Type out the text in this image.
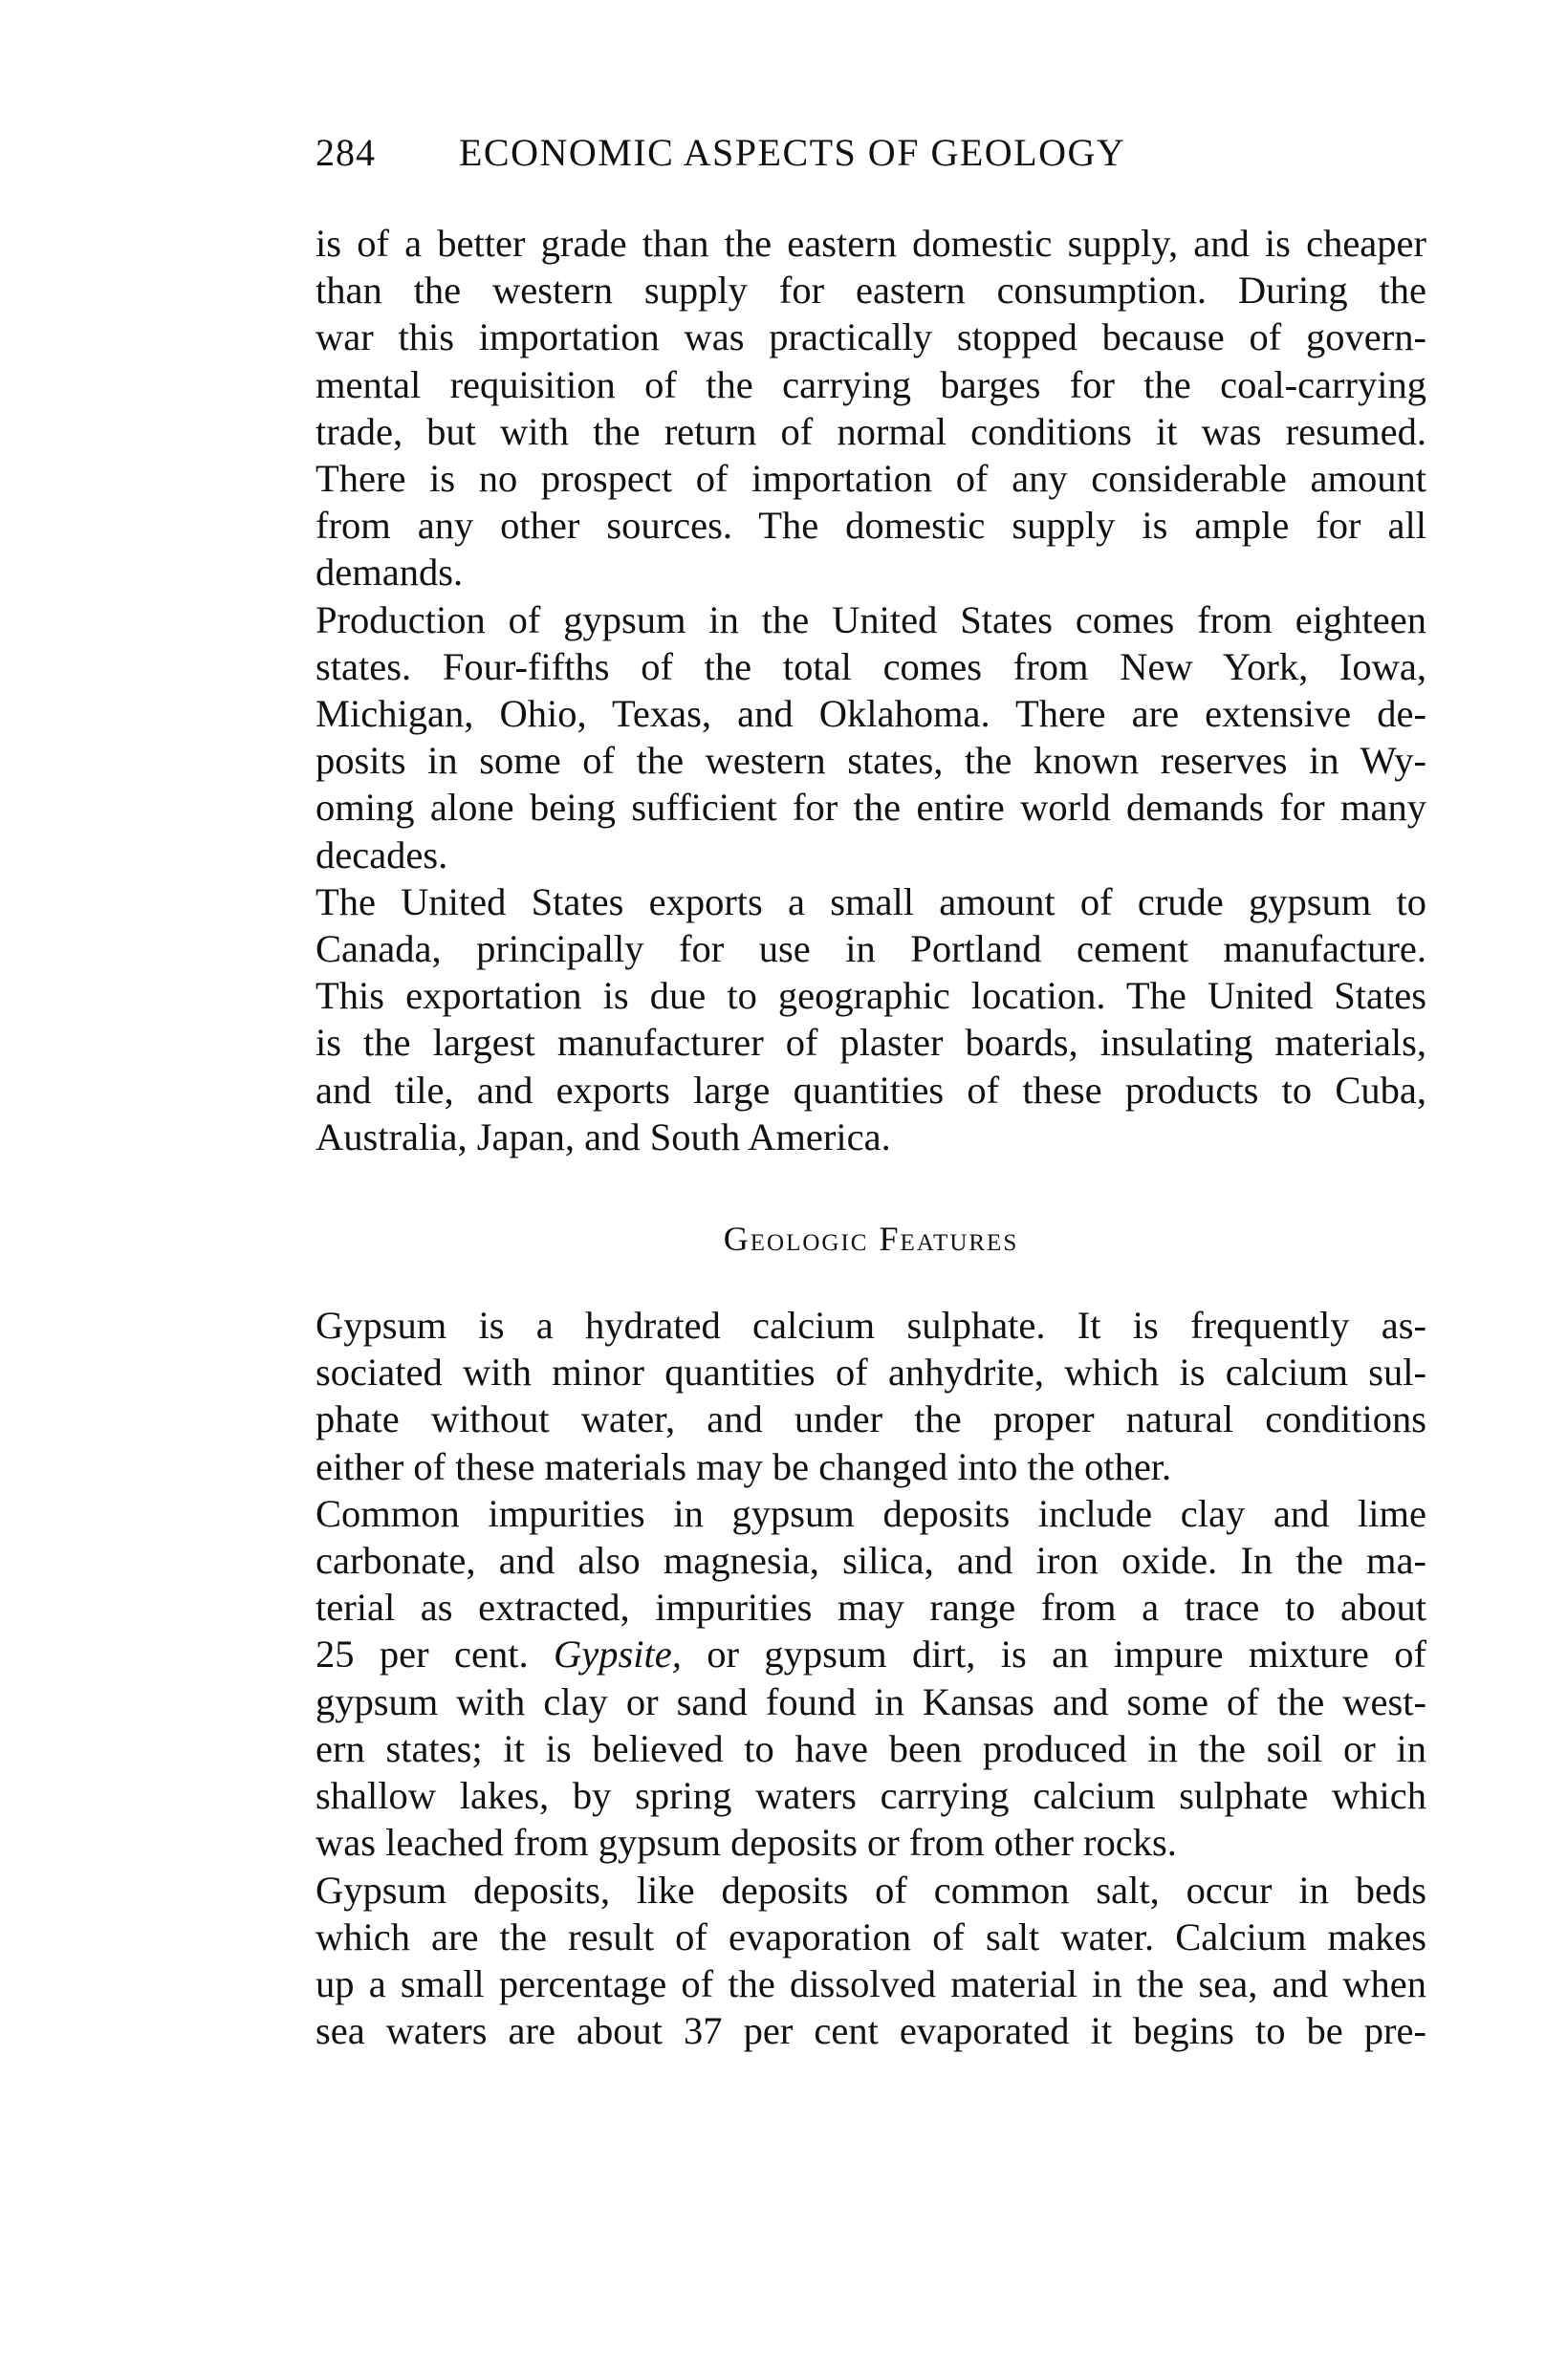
284 ECONOMIC ASPECTS OF GEOLOGY

is of a better grade than the eastern domestic supply, and is cheaper
than the western supply for eastern consumption. During the
war this importation was practically stopped because of govern-
mental requisition of the carrying barges for the coal-carrying
trade, but with the return of normal conditions it was resumed.
There is no prospect of importation of any considerable amount
from any other sources. The domestic supply is ample for all
demands.

Production of gypsum in the United States comes from eighteen
states. Four-fifths of the total comes from New York, Iowa,
Michigan, Ohio, Texas, and Oklahoma. There are extensive de-
posits in some of the western states, the known reserves in Wy-
oming alone being sufficient for the entire world demands for many
decades.

The United States exports a small amount of crude gypsum to
Canada, principally for use in Portland cement manufacture.
This exportation is due to geographic location. The United States
is the largest manufacturer of plaster boards, insulating materials,
and tile, and exports large quantities of these products to Cuba,
Australia, Japan, and South America.

Geologic Features

Gypsum is a hydrated calcium sulphate. It is frequently as-
sociated with minor quantities of anhydrite, which is calcium sul-
phate without water, and under the proper natural conditions
either of these materials may be changed into the other.

Common impurities in gypsum deposits include clay and lime
carbonate, and also magnesia, silica, and iron oxide. In the ma-
terial as extracted, impurities may range from a trace to about
25 per cent. Gypsite, or gypsum dirt, is an impure mixture of
gypsum with clay or sand found in Kansas and some of the west-
ern states; it is believed to have been produced in the soil or in
shallow lakes, by spring waters carrying calcium sulphate which
was leached from gypsum deposits or from other rocks.

Gypsum deposits, like deposits of common salt, occur in beds
which are the result of evaporation of salt water. Calcium makes
up a small percentage of the dissolved material in the sea, and when
sea waters are about 37 per cent evaporated it begins to be pre-
